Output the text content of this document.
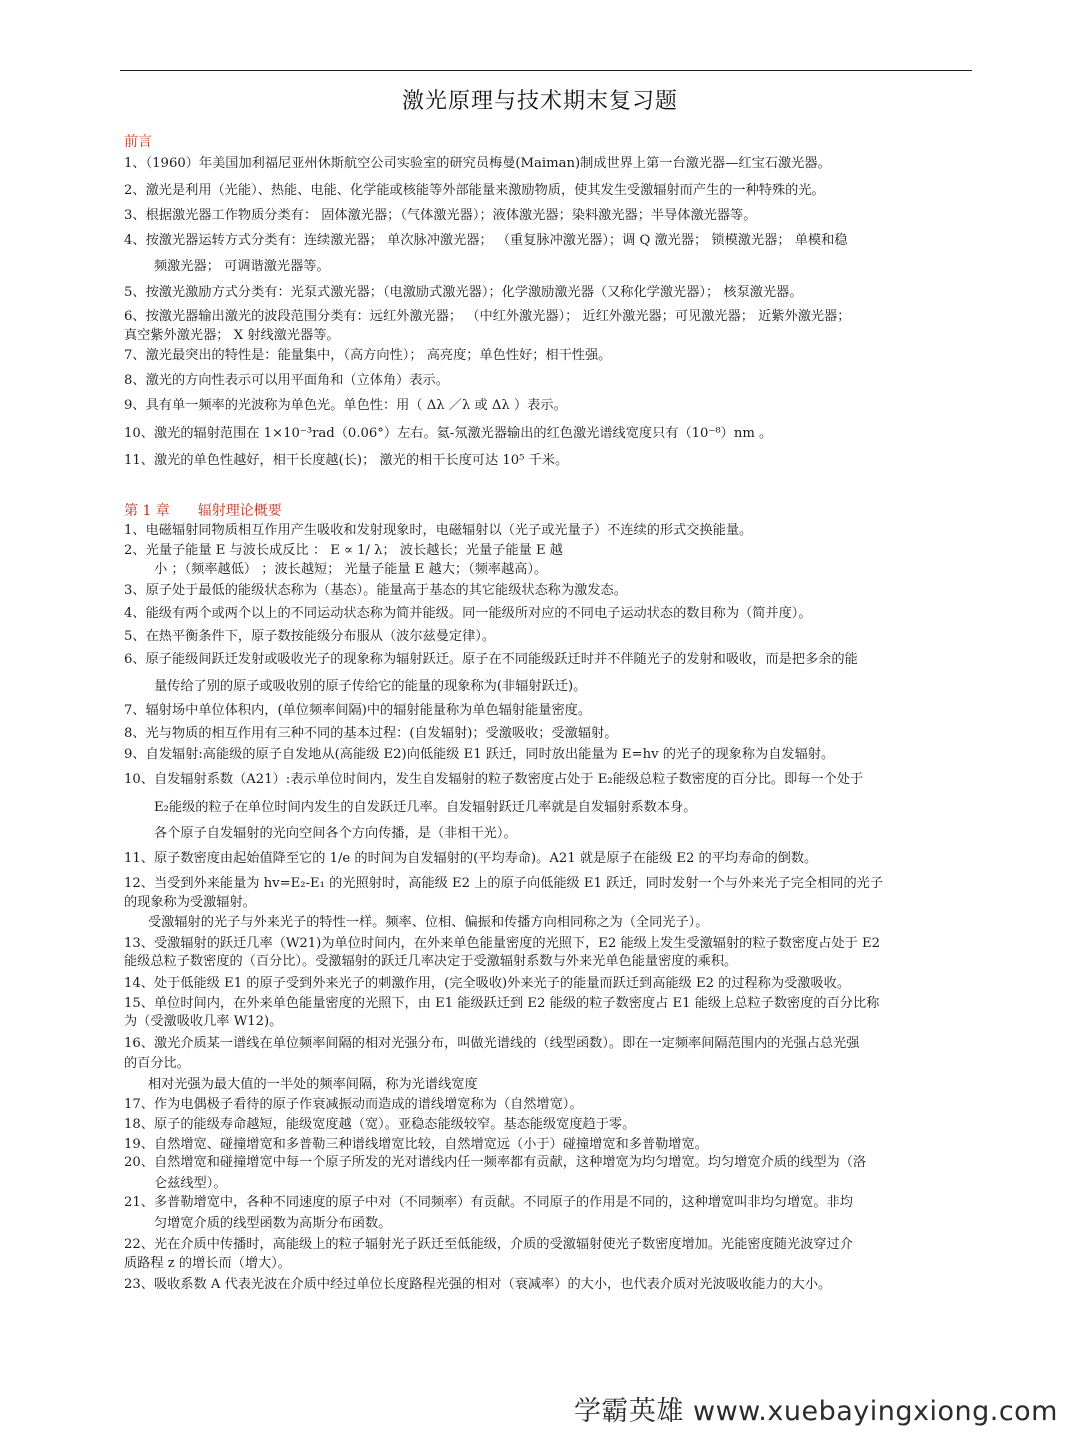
激光原理与技术期末复习题
前言
1、（1960）年美国加利福尼亚州休斯航空公司实验室的研究员梅曼(Maiman)制成世界上第一台激光器—红宝石激光器。
2、激光是利用（光能）、热能、电能、化学能或核能等外部能量来激励物质，使其发生受激辐射而产生的一种特殊的光。
3、根据激光器工作物质分类有： 固体激光器；（气体激光器）；液体激光器；染料激光器；半导体激光器等。
4、按激光器运转方式分类有：连续激光器； 单次脉冲激光器； （重复脉冲激光器）；调 Q 激光器； 锁模激光器； 单模和稳
频激光器； 可调谐激光器等。
5、按激光激励方式分类有：光泵式激光器；（电激励式激光器）；化学激励激光器（又称化学激光器）； 核泵激光器。
6、按激光器输出激光的波段范围分类有：远红外激光器； （中红外激光器）； 近红外激光器；可见激光器； 近紫外激光器；
真空紫外激光器； X 射线激光器等。
7、激光最突出的特性是：能量集中，（高方向性）； 高亮度；单色性好；相干性强。
8、激光的方向性表示可以用平面角和（立体角）表示。
9、具有单一频率的光波称为单色光。单色性：用（ Δλ ／λ 或 Δλ ）表示。
10、激光的辐射范围在 1×10⁻³rad（0.06°）左右。氦-氖激光器输出的红色激光谱线宽度只有（10⁻⁸）nm 。
11、激光的单色性越好，相干长度越(长)； 激光的相干长度可达 10⁵ 千米。
第 1 章　　辐射理论概要
1、电磁辐射同物质相互作用产生吸收和发射现象时，电磁辐射以（光子或光量子）不连续的形式交换能量。
2、光量子能量 E 与波长成反比 ： E ∝ 1/ λ； 波长越长；光量子能量 E 越
小 ；（频率越低） ；波长越短； 光量子能量 E 越大；（频率越高）。
3、原子处于最低的能级状态称为（基态）。能量高于基态的其它能级状态称为激发态。
4、能级有两个或两个以上的不同运动状态称为简并能级。同一能级所对应的不同电子运动状态的数目称为（简并度）。
5、在热平衡条件下，原子数按能级分布服从（波尔兹曼定律）。
6、原子能级间跃迁发射或吸收光子的现象称为辐射跃迁。原子在不同能级跃迁时并不伴随光子的发射和吸收，而是把多余的能
量传给了别的原子或吸收别的原子传给它的能量的现象称为(非辐射跃迁)。
7、辐射场中单位体积内，(单位频率间隔)中的辐射能量称为单色辐射能量密度。
8、光与物质的相互作用有三种不同的基本过程：(自发辐射)；受激吸收；受激辐射。
9、自发辐射:高能级的原子自发地从(高能级 E2)向低能级 E1 跃迁，同时放出能量为 E=hv 的光子的现象称为自发辐射。
10、自发辐射系数（A21）:表示单位时间内，发生自发辐射的粒子数密度占处于 E₂能级总粒子数密度的百分比。即每一个处于
E₂能级的粒子在单位时间内发生的自发跃迁几率。自发辐射跃迁几率就是自发辐射系数本身。
各个原子自发辐射的光向空间各个方向传播，是（非相干光）。
11、原子数密度由起始值降至它的 1/e 的时间为自发辐射的(平均寿命)。A21 就是原子在能级 E2 的平均寿命的倒数。
12、当受到外来能量为 hv=E₂-E₁ 的光照射时，高能级 E2 上的原子向低能级 E1 跃迁，同时发射一个与外来光子完全相同的光子
的现象称为受激辐射。
受激辐射的光子与外来光子的特性一样。频率、位相、偏振和传播方向相同称之为（全同光子）。
13、受激辐射的跃迁几率（W21)为单位时间内，在外来单色能量密度的光照下，E2 能级上发生受激辐射的粒子数密度占处于 E2
能级总粒子数密度的（百分比）。受激辐射的跃迁几率决定于受激辐射系数与外来光单色能量密度的乘积。
14、处于低能级 E1 的原子受到外来光子的刺激作用，(完全吸收)外来光子的能量而跃迁到高能级 E2 的过程称为受激吸收。
15、单位时间内，在外来单色能量密度的光照下，由 E1 能级跃迁到 E2 能级的粒子数密度占 E1 能级上总粒子数密度的百分比称
为（受激吸收几率 W12)。
16、激光介质某一谱线在单位频率间隔的相对光强分布，叫做光谱线的（线型函数）。即在一定频率间隔范围内的光强占总光强
的百分比。
相对光强为最大值的一半处的频率间隔，称为光谱线宽度
17、作为电偶极子看待的原子作衰减振动而造成的谱线增宽称为（自然增宽）。
18、原子的能级寿命越短，能级宽度越（宽）。亚稳态能级较窄。基态能级宽度趋于零。
19、自然增宽、碰撞增宽和多普勒三种谱线增宽比较，自然增宽远（小于）碰撞增宽和多普勒增宽。
20、自然增宽和碰撞增宽中每一个原子所发的光对谱线内任一频率都有贡献，这种增宽为均匀增宽。均匀增宽介质的线型为（洛
仑兹线型）。
21、多普勒增宽中，各种不同速度的原子中对（不同频率）有贡献。不同原子的作用是不同的，这种增宽叫非均匀增宽。非均
匀增宽介质的线型函数为高斯分布函数。
22、光在介质中传播时，高能级上的粒子辐射光子跃迁至低能级，介质的受激辐射使光子数密度增加。光能密度随光波穿过介
质路程 z 的增长而（增大）。
23、吸收系数 A 代表光波在介质中经过单位长度路程光强的相对（衰减率）的大小，也代表介质对光波吸收能力的大小。
学霸英雄 www.xuebayingxiong.com
